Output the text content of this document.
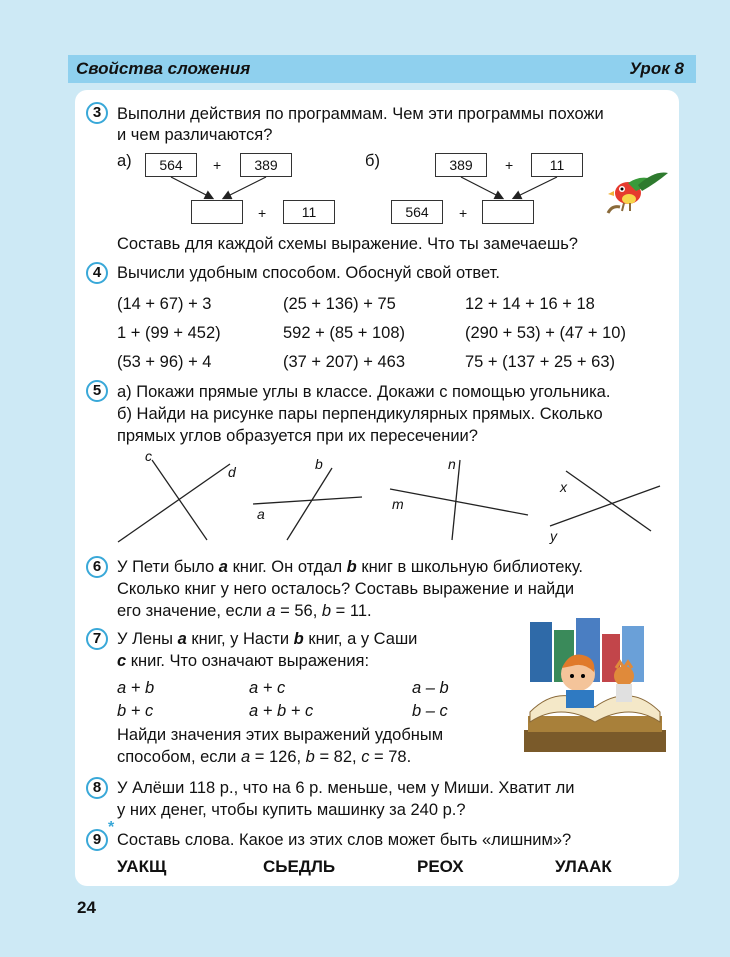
Свойства сложения	Урок 8
3 Выполни действия по программам. Чем эти программы похожи
и чем различаются?
а)	564	+	389
+	11
б)	389	+	11
564	+
Составь для каждой схемы выражение. Что ты замечаешь?
4 Вычисли удобным способом. Обоснуй свой ответ.
(14 + 67) + 3	(25 + 136) + 75	12 + 14 + 16 + 18
1 + (99 + 452)	592 + (85 + 108)	(290 + 53) + (47 + 10)
(53 + 96) + 4	(37 + 207) + 463	75 + (137 + 25 + 63)
5 а) Покажи прямые углы в классе. Докажи с помощью угольника.
б) Найди на рисунке пары перпендикулярных прямых. Сколько
прямых углов образуется при их пересечении?
c
d	b
a
n
m
x
y
6 У Пети было a книг. Он отдал b книг в школьную библиотеку.
Сколько книг у него осталось? Составь выражение и найди
его значение, если a = 56, b = 11.
7 У Лены a книг, у Насти b книг, а у Саши
c книг. Что означают выражения:
a + b	a + c	a – b
b + c	a + b + c	b – c
Найди значения этих выражений удобным
способом, если a = 126, b = 82, c = 78.
8 У Алёши 118 р., что на 6 р. меньше, чем у Миши. Хватит ли
у них денег, чтобы купить машинку за 240 р.?
9
*
Составь слова. Какое из этих слов может быть «лишним»?
УАКЩ	СЬЕДЛЬ	РЕОХ	УЛААК
24
